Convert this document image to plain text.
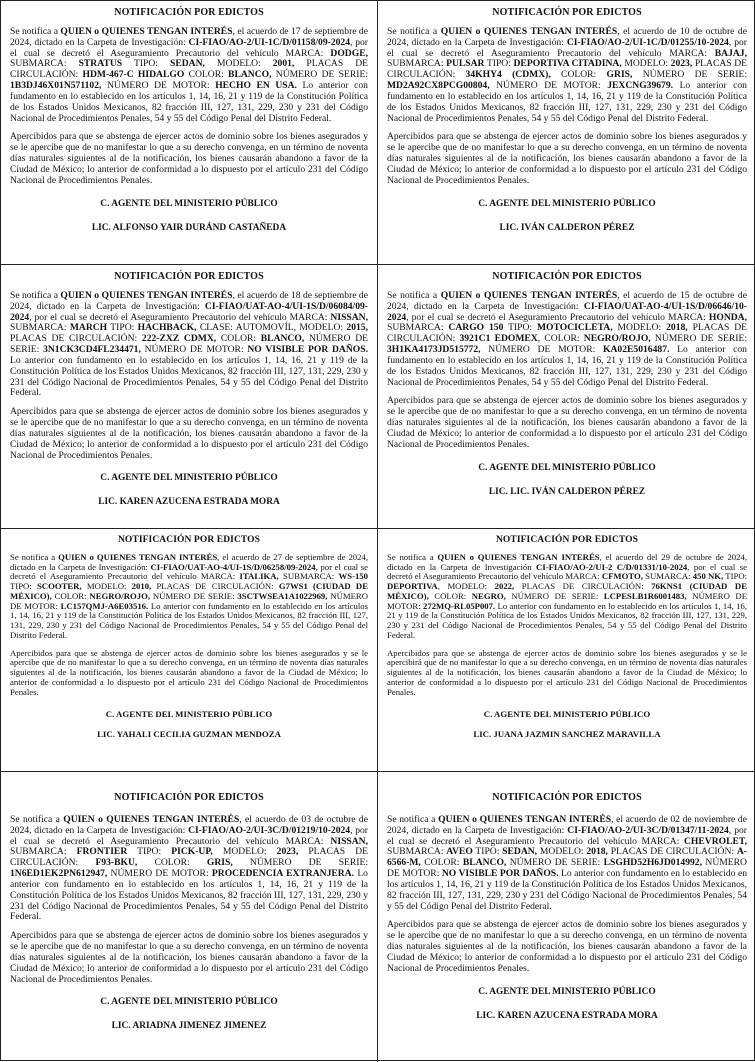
NOTIFICACIÓN POR EDICTOS

Se notifica a QUIEN o QUIENES TENGAN INTERÉS, el acuerdo de 17 de septiembre de 2024, dictado en la Carpeta de Investigación: CI-FIAO/AO-2/UI-1C/D/01158/09-2024, por el cual se decretó el Aseguramiento Precautorio del vehículo MARCA: DODGE, SUBMARCA: STRATUS TIPO: SEDAN, MODELO: 2001, PLACAS DE CIRCULACIÓN: HDM-467-C HIDALGO COLOR: BLANCO, NÚMERO DE SERIE: 1B3DJ46X01N571102, NÚMERO DE MOTOR: HECHO EN USA. Lo anterior con fundamento en lo establecido en los artículos 1, 14, 16, 21 y 119 de la Constitución Política de los Estados Unidos Mexicanos, 82 fracción III, 127, 131, 229, 230 y 231 del Código Nacional de Procedimientos Penales, 54 y 55 del Código Penal del Distrito Federal.

Apercibidos para que se abstenga de ejercer actos de dominio sobre los bienes asegurados y se le apercibe que de no manifestar lo que a su derecho convenga, en un término de noventa días naturales siguientes al de la notificación, los bienes causarán abandono a favor de la Ciudad de México; lo anterior de conformidad a lo dispuesto por el artículo 231 del Código Nacional de Procedimientos Penales.

C. AGENTE DEL MINISTERIO PÚBLICO
LIC. ALFONSO YAIR DURÁND CASTAÑEDA
NOTIFICACIÓN POR EDICTOS

Se notifica a QUIEN o QUIENES TENGAN INTERÉS, el acuerdo de 10 de octubre de 2024, dictado en la Carpeta de Investigación: CI-FIAO/AO-2/UI-1C/D/01255/10-2024, por el cual se decretó el Aseguramiento Precautorio del vehículo MARCA: BAJAJ, SUBMARCA: PULSAR TIPO: DEPORTIVA CITADINA, MODELO: 2023, PLACAS DE CIRCULACIÓN: 34KHY4 (CDMX), COLOR: GRIS, NÚMERO DE SERIE: MD2A92CX8PCG00804, NÚMERO DE MOTOR: JEXCNG39679. Lo anterior con fundamento en lo establecido en los artículos 1, 14, 16, 21 y 119 de la Constitución Política de los Estados Unidos Mexicanos, 82 fracción III, 127, 131, 229, 230 y 231 del Código Nacional de Procedimientos Penales, 54 y 55 del Código Penal del Distrito Federal.

Apercibidos para que se abstenga de ejercer actos de dominio sobre los bienes asegurados y se le apercibe que de no manifestar lo que a su derecho convenga, en un término de noventa días naturales siguientes al de la notificación, los bienes causarán abandono a favor de la Ciudad de México; lo anterior de conformidad a lo dispuesto por el artículo 231 del Código Nacional de Procedimientos Penales.

C. AGENTE DEL MINISTERIO PÚBLICO
LIC. IVÁN CALDERON PÉREZ
NOTIFICACIÓN POR EDICTOS

Se notifica a QUIEN o QUIENES TENGAN INTERÉS, el acuerdo de 18 de septiembre de 2024, dictado en la Carpeta de Investigación: CI-FIAO/UAT-AO-4/UI-1S/D/06084/09-2024, por el cual se decretó el Aseguramiento Precautorio del vehículo MARCA: NISSAN, SUBMARCA: MARCH TIPO: HACHBACK, CLASE: AUTOMOVÍL, MODELO: 2015, PLACAS DE CIRCULACIÓN: 222-ZXZ CDMX, COLOR: BLANCO, NÚMERO DE SERIE: 3N1CK3CD4FL234471, NÚMERO DE MOTOR: NO VISIBLE POR DAÑOS. Lo anterior con fundamento en lo establecido en los artículos 1, 14, 16, 21 y 119 de la Constitución Política de los Estados Unidos Mexicanos, 82 fracción III, 127, 131, 229, 230 y 231 del Código Nacional de Procedimientos Penales, 54 y 55 del Código Penal del Distrito Federal.

Apercibidos para que se abstenga de ejercer actos de dominio sobre los bienes asegurados y se le apercibe que de no manifestar lo que a su derecho convenga, en un término de noventa días naturales siguientes al de la notificación, los bienes causarán abandono a favor de la Ciudad de México; lo anterior de conformidad a lo dispuesto por el artículo 231 del Código Nacional de Procedimientos Penales.

C. AGENTE DEL MINISTERIO PÚBLICO
LIC. KAREN AZUCENA ESTRADA MORA
NOTIFICACIÓN POR EDICTOS

Se notifica a QUIEN o QUIENES TENGAN INTERÉS, el acuerdo de 15 de octubre de 2024, dictado en la Carpeta de Investigación: CI-FIAO/UAT-AO-4/UI-1S/D/06646/10-2024, por el cual se decretó el Aseguramiento Precautorio del vehículo MARCA: HONDA, SUBMARCA: CARGO 150 TIPO: MOTOCICLETA, MODELO: 2018, PLACAS DE CIRCULACIÓN: 3921C1 EDOMEX, COLOR: NEGRO/ROJO, NÚMERO DE SERIE: 3H1KA4173JD515772, NÚMERO DE MOTOR: KA02E5016487. Lo anterior con fundamento en lo establecido en los artículos 1, 14, 16, 21 y 119 de la Constitución Política de los Estados Unidos Mexicanos, 82 fracción III, 127, 131, 229, 230 y 231 del Código Nacional de Procedimientos Penales, 54 y 55 del Código Penal del Distrito Federal.

Apercibidos para que se abstenga de ejercer actos de dominio sobre los bienes asegurados y se le apercibe que de no manifestar lo que a su derecho convenga, en un término de noventa días naturales siguientes al de la notificación, los bienes causarán abandono a favor de la Ciudad de México; lo anterior de conformidad a lo dispuesto por el artículo 231 del Código Nacional de Procedimientos Penales.

C. AGENTE DEL MINISTERIO PÚBLICO
LIC. LIC. IVÁN CALDERON PÉREZ
NOTIFICACIÓN POR EDICTOS

Se notifica a QUIEN o QUIENES TENGAN INTERÉS, el acuerdo de 27 de septiembre de 2024, dictado en la Carpeta de Investigación: CI-FIAO/UAT-AO-4/UI-1S/D/06258/09-2024, por el cual se decretó el Aseguramiento Precautorio del vehículo MARCA: ITALIKA, SUBMARCA: WS-150 TIPO: SCOOTER, MODELO: 2010, PLACAS DE CIRCULACIÓN: G7WS1 (CIUDAD DE MÉXICO), COLOR: NEGRO/ROJO, NÚMERO DE SERIE: 3SCTWSEA1A1022969, NÚMERO DE MOTOR: LC157QMJ-A6E03516. Lo anterior con fundamento en lo establecido en los artículos 1, 14, 16, 21 y 119 de la Constitución Política de los Estados Unidos Mexicanos, 82 fracción III, 127, 131, 229, 230 y 231 del Código Nacional de Procedimientos Penales, 54 y 55 del Código Penal del Distrito Federal.

Apercibidos para que se abstenga de ejercer actos de dominio sobre los bienes asegurados y se le apercibe que de no manifestar lo que a su derecho convenga, en un término de noventa días naturales siguientes al de la notificación, los bienes causarán abandono a favor de la Ciudad de México; lo anterior de conformidad a lo dispuesto por el artículo 231 del Código Nacional de Procedimientos Penales.

C. AGENTE DEL MINISTERIO PÚBLICO
LIC. YAHALI CECILIA GUZMAN MENDOZA
NOTIFICACIÓN POR EDICTOS

Se notifica a QUIEN o QUIENES TENGAN INTERÉS, el acuerdo del 29 de octubre de 2024, dictado en la Carpeta de Investigación CI-FIAO/AO-2/UI-2 C/D/01331/10-2024, por el cual se decretó el Aseguramiento Precautorio del vehículo MARCA: CFMOTO, SUMARCA: 450 NK, TIPO: DEPORTIVA, MODELO: 2022, PLACAS DE CIRCULACIÓN: 76KNS1 (CIUDAD DE MÉXICO), COLOR: NEGRO, NÚMERO DE SERIE: LCPESLB1R6001483, NÚMERO DE MOTOR: 272MQ-RL05P007. Lo anterior con fundamento en lo establecido en los artículos 1, 14, 16, 21 y 119 de la Constitución Política de los Estados Unidos Mexicanos, 82 fracción III, 127, 131, 229, 230 y 231 del Código Nacional de Procedimientos Penales, 54 y 55 del Código Penal del Distrito Federal.

Apercibidos para que se abstenga de ejercer actos de dominio sobre los bienes asegurados y se le apercibirá que de no manifestar lo que a su derecho convenga, en un término de noventa días naturales siguientes al de la notificación, los bienes causarán abandono a favor de la Ciudad de México; lo anterior de conformidad a lo dispuesto por el artículo 231 del Código Nacional de Procedimientos Penales.

C. AGENTE DEL MINISTERIO PÚBLICO
LIC. JUANA JAZMIN SANCHEZ MARAVILLA
NOTIFICACIÓN POR EDICTOS

Se notifica a QUIEN o QUIENES TENGAN INTERÉS, el acuerdo de 03 de octubre de 2024, dictado en la Carpeta de Investigación: CI-FIAO/AO-2/UI-3C/D/01219/10-2024, por el cual se decretó el Aseguramiento Precautorio del vehículo MARCA: NISSAN, SUBMARCA: FRONTIER TIPO: PICK-UP, MODELO: 2023, PLACAS DE CIRCULACIÓN: F93-BKU, COLOR: GRIS, NÚMERO DE SERIE: 1N6ED1EK2PN612947, NÚMERO DE MOTOR: PROCEDENCIA EXTRANJERA. Lo anterior con fundamento en lo establecido en los artículos 1, 14, 16, 21 y 119 de la Constitución Política de los Estados Unidos Mexicanos, 82 fracción III, 127, 131, 229, 230 y 231 del Código Nacional de Procedimientos Penales, 54 y 55 del Código Penal del Distrito Federal.

Apercibidos para que se abstenga de ejercer actos de dominio sobre los bienes asegurados y se le apercibe que de no manifestar lo que a su derecho convenga, en un término de noventa días naturales siguientes al de la notificación, los bienes causarán abandono a favor de la Ciudad de México; lo anterior de conformidad a lo dispuesto por el artículo 231 del Código Nacional de Procedimientos Penales.

C. AGENTE DEL MINISTERIO PÚBLICO
LIC. ARIADNA JIMENEZ JIMENEZ
NOTIFICACIÓN POR EDICTOS

Se notifica a QUIEN o QUIENES TENGAN INTERÉS, el acuerdo de 02 de noviembre de 2024, dictado en la Carpeta de Investigación: CI-FIAO/AO-2/UI-3C/D/01347/11-2024, por el cual se decretó el Aseguramiento Precautorio del vehículo MARCA: CHEVROLET, SUBMARCA: AVEO TIPO: SEDAN, MODELO: 2018, PLACAS DE CIRCULACIÓN: A-6566-M, COLOR: BLANCO, NÚMERO DE SERIE: LSGHD52H6JD014992, NÚMERO DE MOTOR: NO VISIBLE POR DAÑOS. Lo anterior con fundamento en lo establecido en los artículos 1, 14, 16, 21 y 119 de la Constitución Política de los Estados Unidos Mexicanos, 82 fracción III, 127, 131, 229, 230 y 231 del Código Nacional de Procedimientos Penales, 54 y 55 del Código Penal del Distrito Federal.

Apercibidos para que se abstenga de ejercer actos de dominio sobre los bienes asegurados y se le apercibe que de no manifestar lo que a su derecho convenga, en un término de noventa días naturales siguientes al de la notificación, los bienes causarán abandono a favor de la Ciudad de México; lo anterior de conformidad a lo dispuesto por el artículo 231 del Código Nacional de Procedimientos Penales.

C. AGENTE DEL MINISTERIO PÚBLICO
LIC. KAREN AZUCENA ESTRADA MORA
